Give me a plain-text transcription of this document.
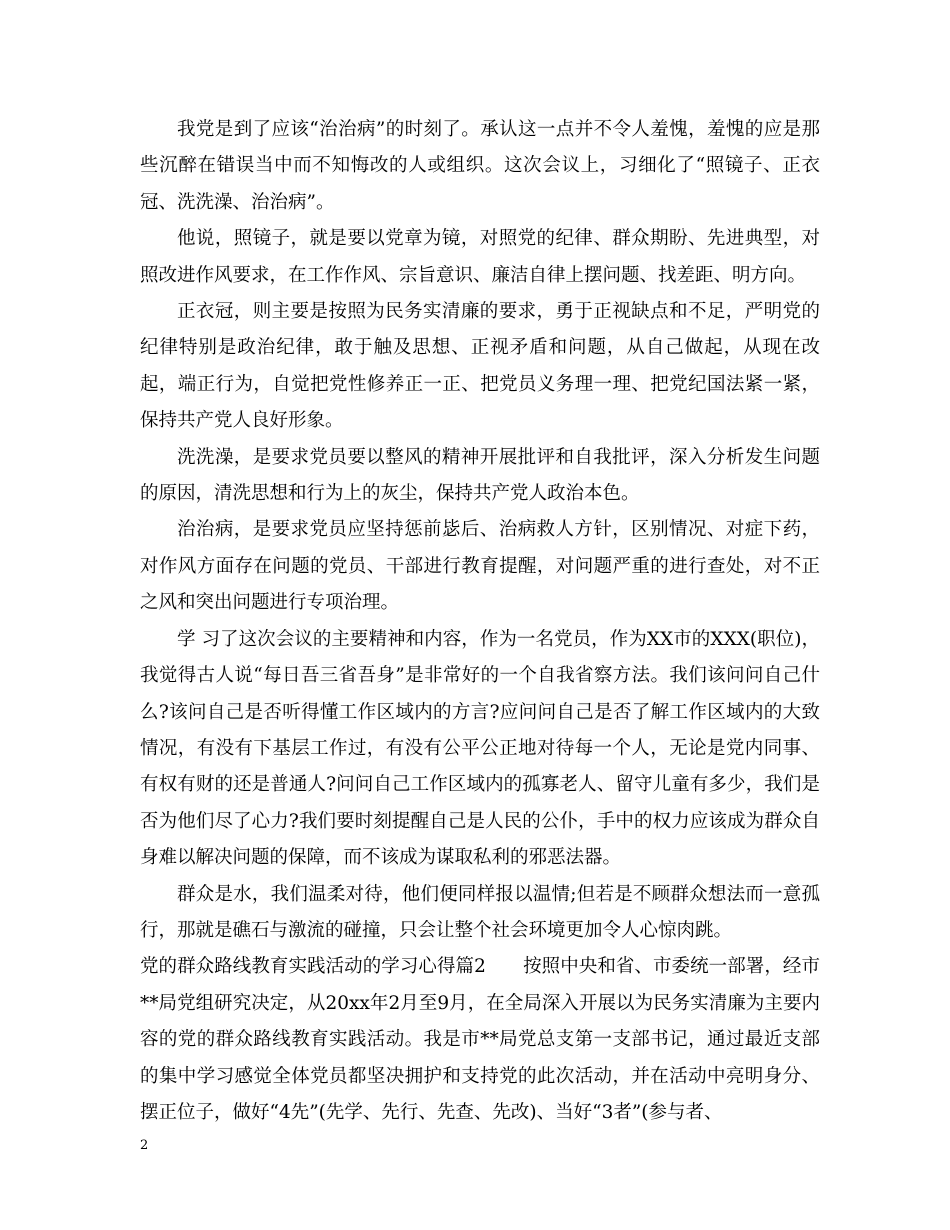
我党是到了应该“治治病”的时刻了。承认这一点并不令人羞愧，羞愧的应是那些沉醉在错误当中而不知悔改的人或组织。这次会议上，习细化了“照镜子、正衣冠、洗洗澡、治治病”。

他说，照镜子，就是要以党章为镜，对照党的纪律、群众期盼、先进典型，对照改进作风要求，在工作作风、宗旨意识、廉洁自律上摆问题、找差距、明方向。

正衣冠，则主要是按照为民务实清廉的要求，勇于正视缺点和不足，严明党的纪律特别是政治纪律，敢于触及思想、正视矛盾和问题，从自己做起，从现在改起，端正行为，自觉把党性修养正一正、把党员义务理一理、把党纪国法紧一紧，保持共产党人良好形象。

洗洗澡，是要求党员要以整风的精神开展批评和自我批评，深入分析发生问题的原因，清洗思想和行为上的灰尘，保持共产党人政治本色。

治治病，是要求党员应坚持惩前毖后、治病救人方针，区别情况、对症下药，对作风方面存在问题的党员、干部进行教育提醒，对问题严重的进行查处，对不正之风和突出问题进行专项治理。

学 习了这次会议的主要精神和内容，作为一名党员，作为XX市的XXX(职位)，我觉得古人说“每日吾三省吾身”是非常好的一个自我省察方法。我们该问问自己什么?该问自己是否听得懂工作区域内的方言?应问问自己是否了解工作区域内的大致情况，有没有下基层工作过，有没有公平公正地对待每一个人，无论是党内同事、有权有财的还是普通人?问问自己工作区域内的孤寡老人、留守儿童有多少，我们是否为他们尽了心力?我们要时刻提醒自己是人民的公仆，手中的权力应该成为群众自身难以解决问题的保障，而不该成为谋取私利的邪恶法器。

群众是水，我们温柔对待，他们便同样报以温情;但若是不顾群众想法而一意孤行，那就是礁石与激流的碰撞，只会让整个社会环境更加令人心惊肉跳。

党的群众路线教育实践活动的学习心得篇2　　按照中央和省、市委统一部署，经市**局党组研究决定，从20xx年2月至9月，在全局深入开展以为民务实清廉为主要内容的党的群众路线教育实践活动。我是市**局党总支第一支部书记，通过最近支部的集中学习感觉全体党员都坚决拥护和支持党的此次活动，并在活动中亮明身分、摆正位子，做好“4先”(先学、先行、先查、先改)、当好“3者”(参与者、

2
